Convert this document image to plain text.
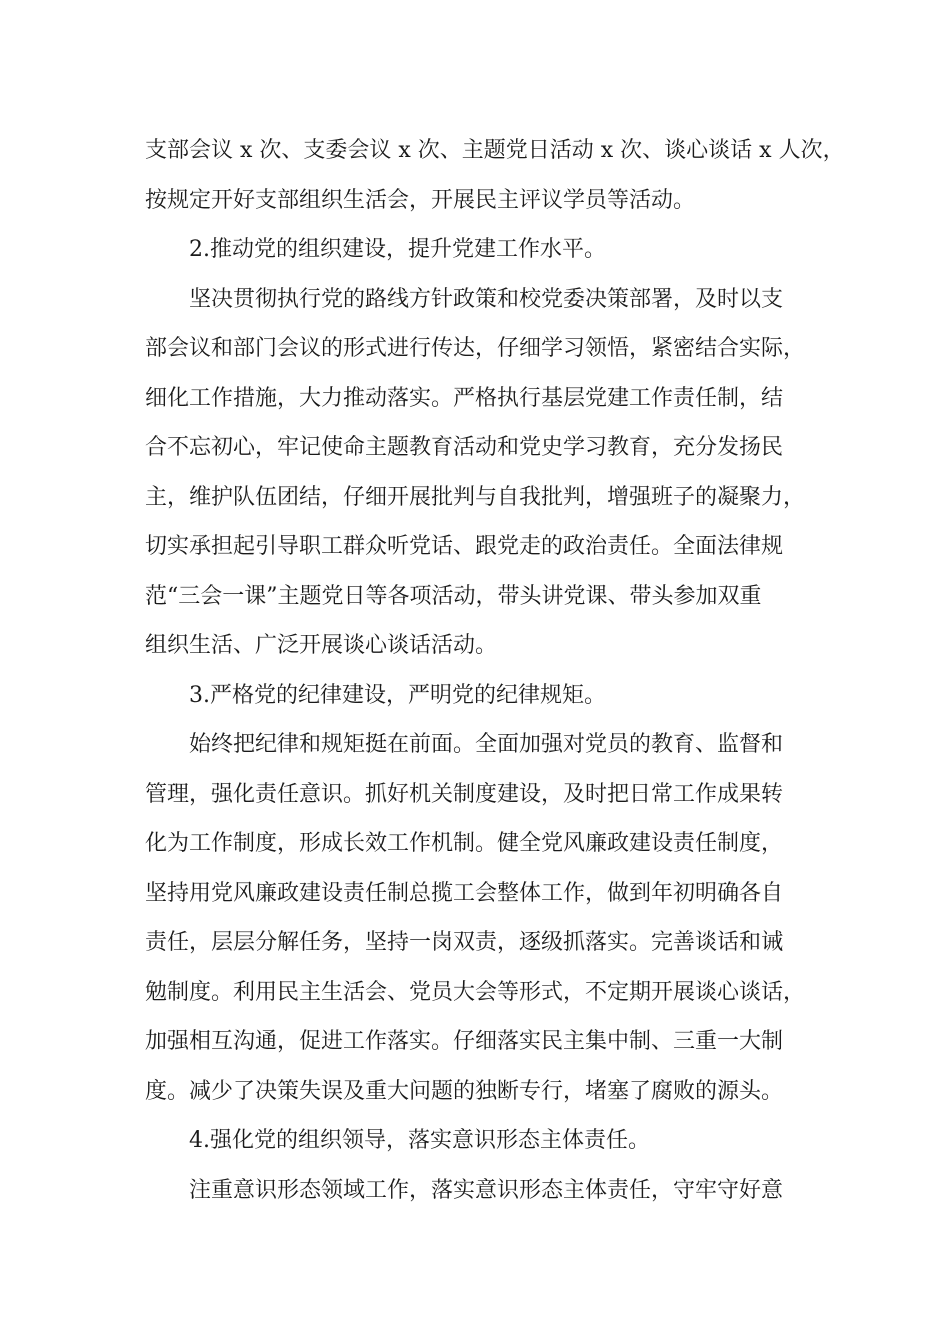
支部会议 x 次、支委会议 x 次、主题党日活动 x 次、谈心谈话 x 人次，
按规定开好支部组织生活会，开展民主评议学员等活动。
2.推动党的组织建设，提升党建工作水平。
坚决贯彻执行党的路线方针政策和校党委决策部署，及时以支
部会议和部门会议的形式进行传达，仔细学习领悟，紧密结合实际，
细化工作措施，大力推动落实。严格执行基层党建工作责任制，结
合不忘初心，牢记使命主题教育活动和党史学习教育，充分发扬民
主，维护队伍团结，仔细开展批判与自我批判，增强班子的凝聚力，
切实承担起引导职工群众听党话、跟党走的政治责任。全面法律规
范“三会一课”主题党日等各项活动，带头讲党课、带头参加双重
组织生活、广泛开展谈心谈话活动。
3.严格党的纪律建设，严明党的纪律规矩。
始终把纪律和规矩挺在前面。全面加强对党员的教育、监督和
管理，强化责任意识。抓好机关制度建设，及时把日常工作成果转
化为工作制度，形成长效工作机制。健全党风廉政建设责任制度，
坚持用党风廉政建设责任制总揽工会整体工作，做到年初明确各自
责任，层层分解任务，坚持一岗双责，逐级抓落实。完善谈话和诫
勉制度。利用民主生活会、党员大会等形式，不定期开展谈心谈话，
加强相互沟通，促进工作落实。仔细落实民主集中制、三重一大制
度。减少了决策失误及重大问题的独断专行，堵塞了腐败的源头。
4.强化党的组织领导，落实意识形态主体责任。
注重意识形态领域工作，落实意识形态主体责任，守牢守好意
